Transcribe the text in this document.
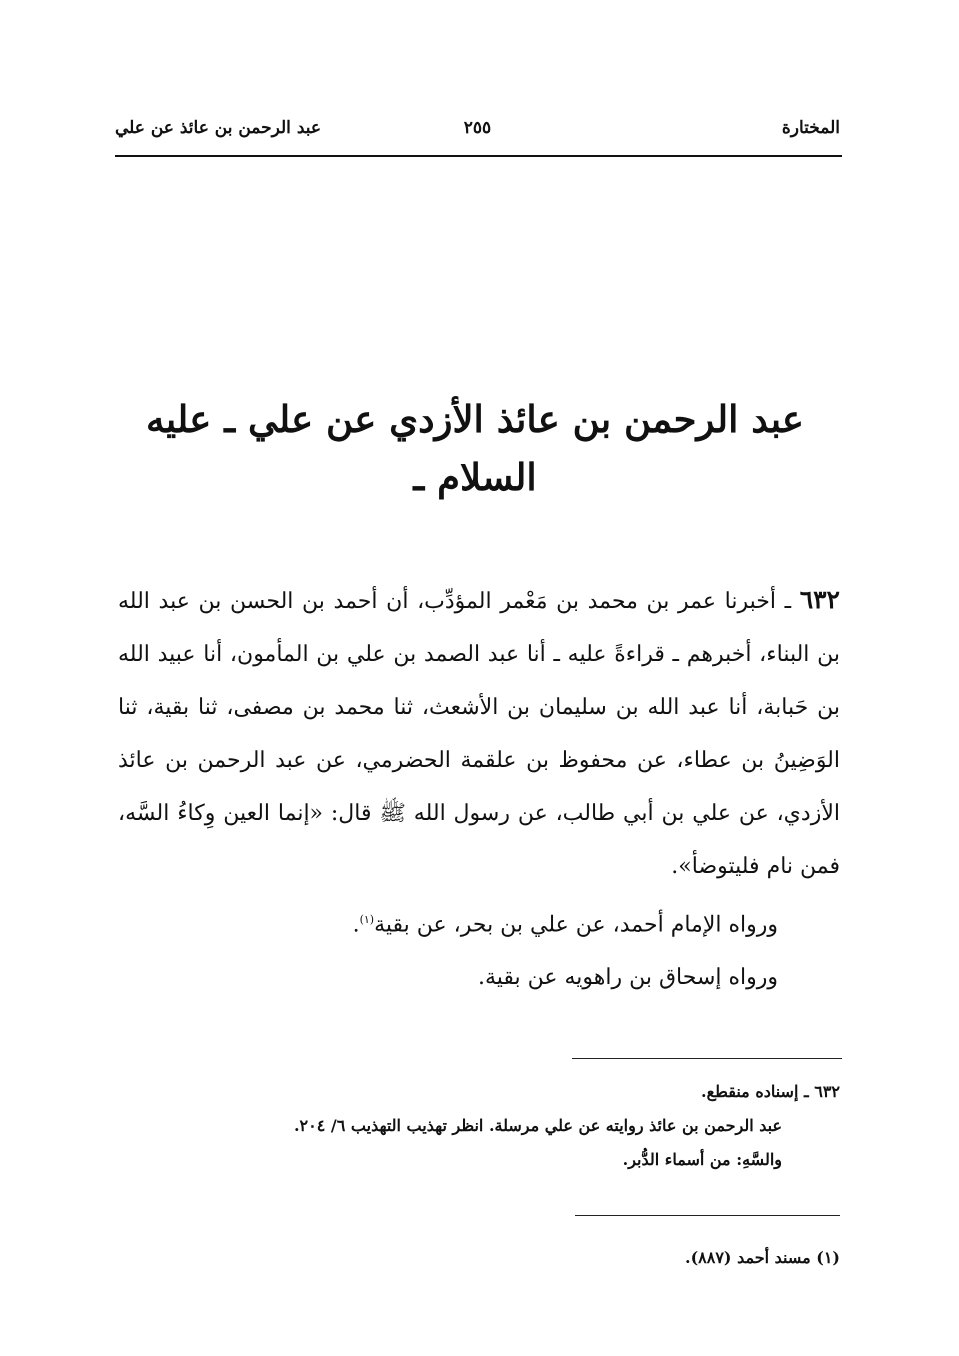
المختارة
٢٥٥
عبد الرحمن بن عائذ عن علي
عبد الرحمن بن عائذ الأزدي عن علي ـ عليه السلام ـ

٦٣٢ ـ أخبرنا عمر بن محمد بن مَعْمر المؤدِّب، أن أحمد بن الحسن بن عبد الله بن البناء، أخبرهم ـ قراءةً عليه ـ أنا عبد الصمد بن علي بن المأمون، أنا عبيد الله بن حَبابة، أنا عبد الله بن سليمان بن الأشعث، ثنا محمد بن مصفى، ثنا بقية، ثنا الوَضِينُ بن عطاء، عن محفوظ بن علقمة الحضرمي، عن عبد الرحمن بن عائذ الأزدي، عن علي بن أبي طالب، عن رسول الله ﷺ قال: «إنما العين وِكاءُ السَّه، فمن نام فليتوضأ».

ورواه الإمام أحمد، عن علي بن بحر، عن بقية$^{(١)}$.

ورواه إسحاق بن راهويه عن بقية.

٦٣٢ ـ إسناده منقطع.

عبد الرحمن بن عائذ روايته عن علي مرسلة. انظر تهذيب التهذيب ٦/ ٢٠٤.

والسَّهِ: من أسماء الدُّبر.

(١) مسند أحمد (٨٨٧).
